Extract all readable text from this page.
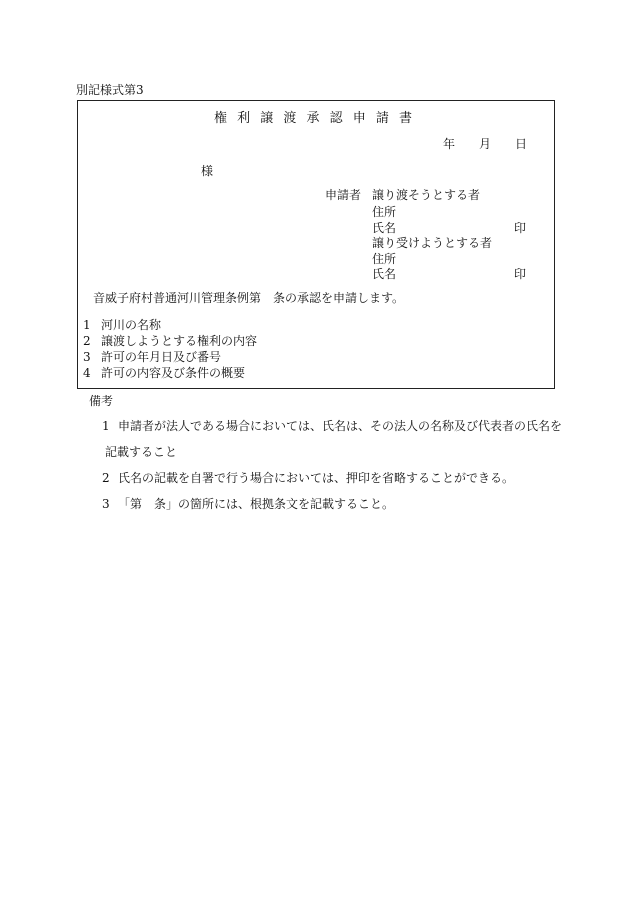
別記様式第3
権 利 譲 渡 承 認 申 請 書
年 月 日
様
申請者 譲り渡そうとする者
住所
氏名	印
譲り受けようとする者
住所
氏名	印
音威子府村普通河川管理条例第　条の承認を申請します。
1 河川の名称
2 譲渡しようとする権利の内容
3 許可の年月日及び番号
4 許可の内容及び条件の概要
備考
1 申請者が法人である場合においては、氏名は、その法人の名称及び代表者の氏名を
記載すること
2 氏名の記載を自署で行う場合においては、押印を省略することができる。
3 「第　条」の箇所には、根拠条文を記載すること。
